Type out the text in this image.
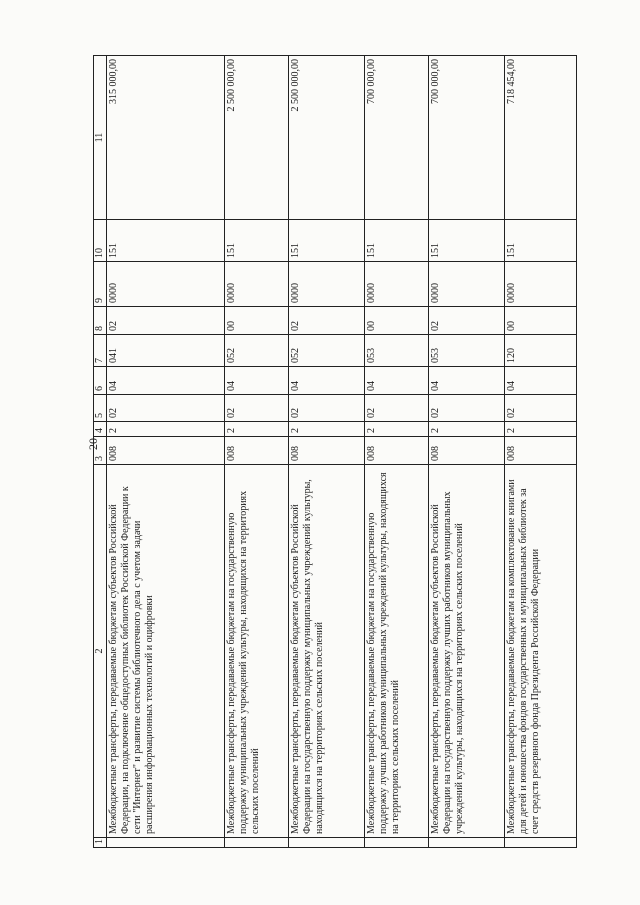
20
1	2	3	4	5	6	7	8	9	10	11
	Межбюджетные трансферты, передаваемые бюджетам субъектов Российской Федерации, на подключение общедоступных библиотек Российской Федерации к сети "Интернет" и развитие системы библиотечного дела с учетом задачи расширения информационных технологий и оцифровки	008	2	02	04	041	02	0000	151	315 000,00
	Межбюджетные трансферты, передаваемые бюджетам на государственную поддержку муниципальных учреждений культуры, находящихся на территориях сельских поселений	008	2	02	04	052	00	0000	151	2 500 000,00
	Межбюджетные трансферты, передаваемые бюджетам субъектов Российской Федерации на государственную поддержку муниципальных учреждений культуры, находящихся на территориях сельских поселений	008	2	02	04	052	02	0000	151	2 500 000,00
	Межбюджетные трансферты, передаваемые бюджетам на государственную поддержку лучших работников муниципальных учреждений культуры, находящихся на территориях сельских поселений	008	2	02	04	053	00	0000	151	700 000,00
	Межбюджетные трансферты, передаваемые бюджетам субъектов Российской Федерации на государственную поддержку лучших работников муниципальных учреждений культуры, находящихся на территориях сельских поселений	008	2	02	04	053	02	0000	151	700 000,00
	Межбюджетные трансферты, передаваемые бюджетам на комплектование книгами для детей и юношества фондов государственных и муниципальных библиотек за счет средств резервного фонда Президента Российской Федерации	008	2	02	04	120	00	0000	151	718 454,00
